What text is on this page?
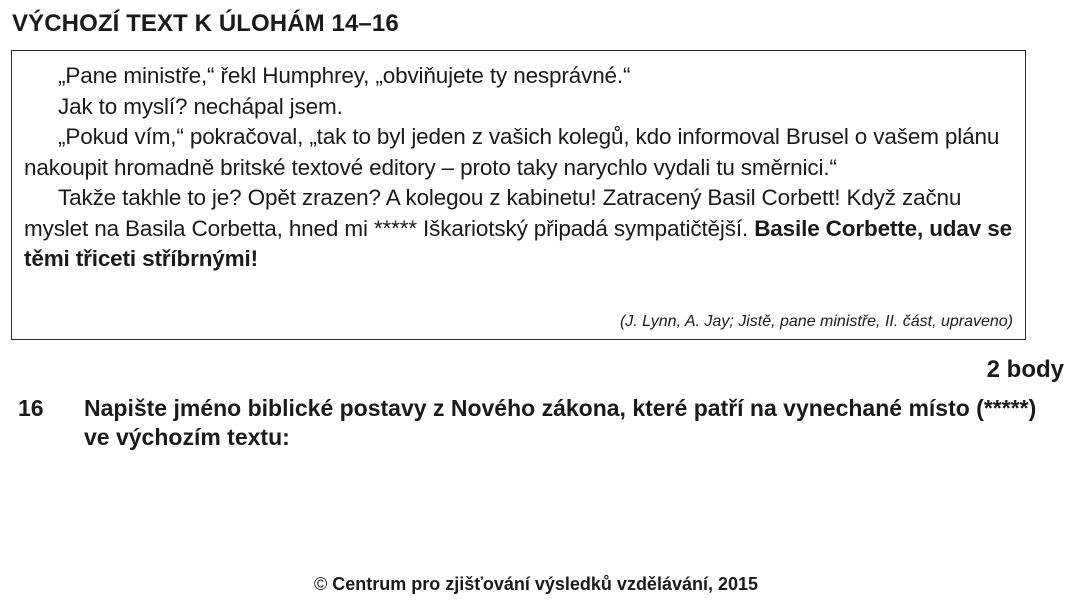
VÝCHOZÍ TEXT K ÚLOHÁM 14–16

„Pane ministře,“ řekl Humphrey, „obviňujete ty nesprávné.“

Jak to myslí? nechápal jsem.

„Pokud vím,“ pokračoval, „tak to byl jeden z vašich kolegů, kdo informoval Brusel o vašem plánu nakoupit hromadně britské textové editory – proto taky narychlo vydali tu směrnici.“

Takže takhle to je? Opět zrazen? A kolegou z kabinetu! Zatracený Basil Corbett! Když začnu myslet na Basila Corbetta, hned mi ***** Iškariotský připadá sympatičtější. Basile Corbette, udav se těmi třiceti stříbrnými!

(J. Lynn, A. Jay; Jistě, pane ministře, II. část, upraveno)
2 body
16	Napište jméno biblické postavy z Nového zákona, které patří na vynechané místo (*****) ve výchozím textu:
© Centrum pro zjišťování výsledků vzdělávání, 2015
